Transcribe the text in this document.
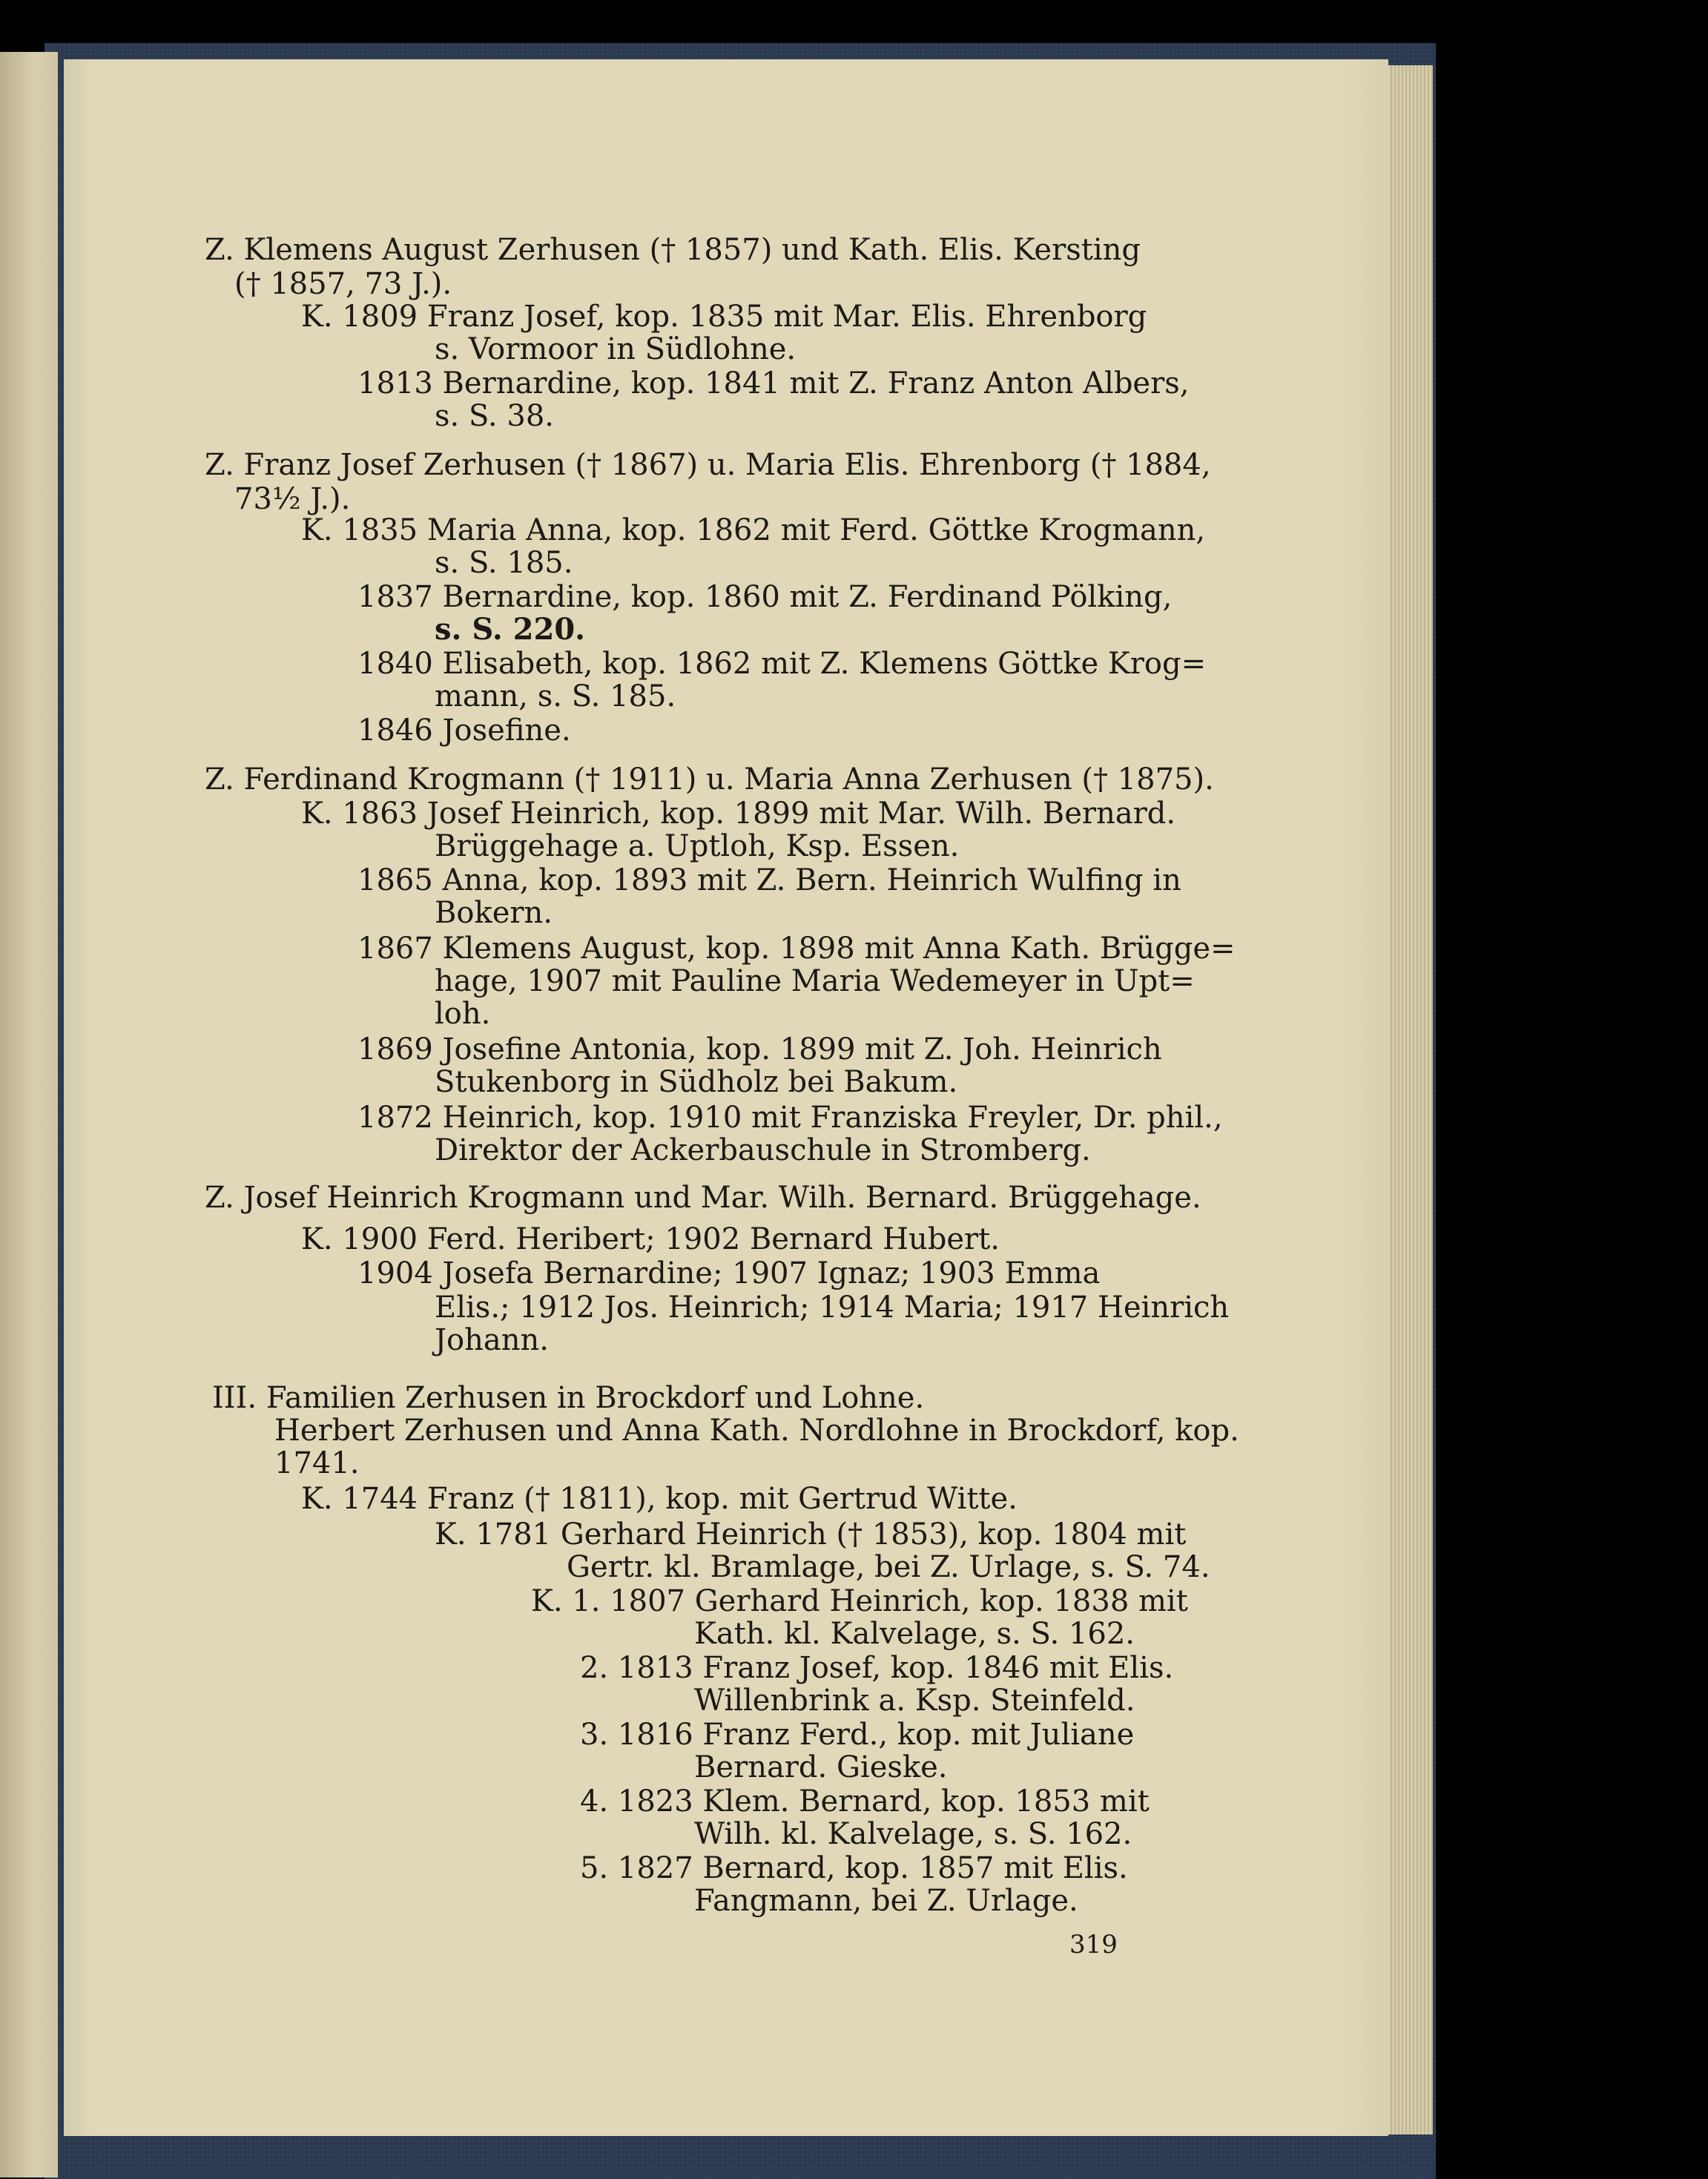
Z. Klemens August Zerhusen († 1857) und Kath. Elis. Kersting
(† 1857, 73 J.).
K. 1809 Franz Josef, kop. 1835 mit Mar. Elis. Ehrenborg
s. Vormoor in Südlohne.
1813 Bernardine, kop. 1841 mit Z. Franz Anton Albers,
s. S. 38.
Z. Franz Josef Zerhusen († 1867) u. Maria Elis. Ehrenborg († 1884,
73½ J.).
K. 1835 Maria Anna, kop. 1862 mit Ferd. Göttke Krogmann,
s. S. 185.
1837 Bernardine, kop. 1860 mit Z. Ferdinand Pölking,
s. S. 220.
1840 Elisabeth, kop. 1862 mit Z. Klemens Göttke Krog=
mann, s. S. 185.
1846 Josefine.
Z. Ferdinand Krogmann († 1911) u. Maria Anna Zerhusen († 1875).
K. 1863 Josef Heinrich, kop. 1899 mit Mar. Wilh. Bernard.
Brüggehage a. Uptloh, Ksp. Essen.
1865 Anna, kop. 1893 mit Z. Bern. Heinrich Wulfing in
Bokern.
1867 Klemens August, kop. 1898 mit Anna Kath. Brügge=
hage, 1907 mit Pauline Maria Wedemeyer in Upt=
loh.
1869 Josefine Antonia, kop. 1899 mit Z. Joh. Heinrich
Stukenborg in Südholz bei Bakum.
1872 Heinrich, kop. 1910 mit Franziska Freyler, Dr. phil.,
Direktor der Ackerbauschule in Stromberg.
Z. Josef Heinrich Krogmann und Mar. Wilh. Bernard. Brüggehage.
K. 1900 Ferd. Heribert; 1902 Bernard Hubert.
1904 Josefa Bernardine; 1907 Ignaz; 1903 Emma
Elis.; 1912 Jos. Heinrich; 1914 Maria; 1917 Heinrich
Johann.
III. Familien Zerhusen in Brockdorf und Lohne.
Herbert Zerhusen und Anna Kath. Nordlohne in Brockdorf, kop.
1741.
K. 1744 Franz († 1811), kop. mit Gertrud Witte.
K. 1781 Gerhard Heinrich († 1853), kop. 1804 mit
Gertr. kl. Bramlage, bei Z. Urlage, s. S. 74.
K. 1. 1807 Gerhard Heinrich, kop. 1838 mit
Kath. kl. Kalvelage, s. S. 162.
2. 1813 Franz Josef, kop. 1846 mit Elis.
Willenbrink a. Ksp. Steinfeld.
3. 1816 Franz Ferd., kop. mit Juliane
Bernard. Gieske.
4. 1823 Klem. Bernard, kop. 1853 mit
Wilh. kl. Kalvelage, s. S. 162.
5. 1827 Bernard, kop. 1857 mit Elis.
Fangmann, bei Z. Urlage.
319
